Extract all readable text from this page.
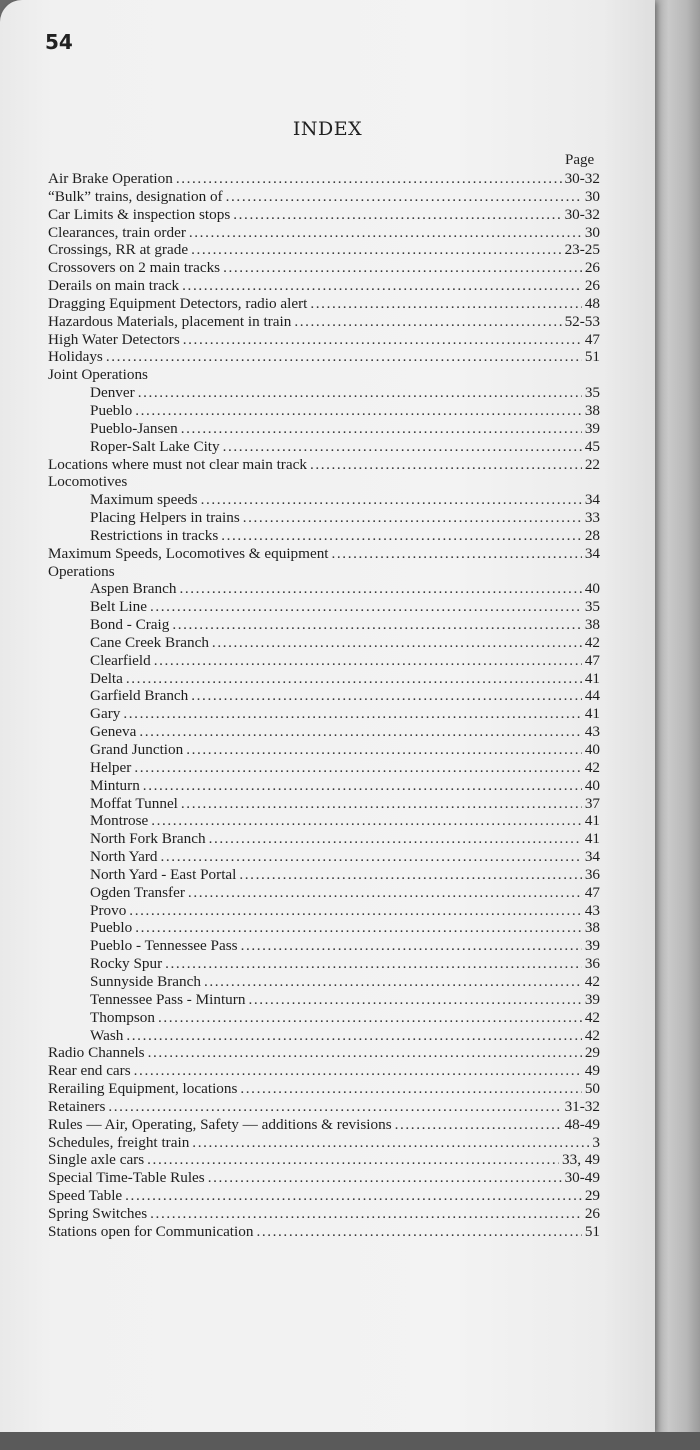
54
INDEX
Page
Air Brake Operation .....	30-32
“Bulk” trains, designation of .....	30
Car Limits & inspection stops .....	30-32
Clearances, train order .....	30
Crossings, RR at grade .....	23-25
Crossovers on 2 main tracks .....	26
Derails on main track .....	26
Dragging Equipment Detectors, radio alert .....	48
Hazardous Materials, placement in train .....	52-53
High Water Detectors .....	47
Holidays .....	51
Joint Operations
Denver .....	35
Pueblo .....	38
Pueblo-Jansen .....	39
Roper-Salt Lake City .....	45
Locations where must not clear main track .....	22
Locomotives
Maximum speeds .....	34
Placing Helpers in trains .....	33
Restrictions in tracks .....	28
Maximum Speeds, Locomotives & equipment .....	34
Operations
Aspen Branch .....	40
Belt Line .....	35
Bond - Craig .....	38
Cane Creek Branch .....	42
Clearfield .....	47
Delta .....	41
Garfield Branch .....	44
Gary .....	41
Geneva .....	43
Grand Junction .....	40
Helper .....	42
Minturn .....	40
Moffat Tunnel .....	37
Montrose .....	41
North Fork Branch .....	41
North Yard .....	34
North Yard - East Portal .....	36
Ogden Transfer .....	47
Provo .....	43
Pueblo .....	38
Pueblo - Tennessee Pass .....	39
Rocky Spur .....	36
Sunnyside Branch .....	42
Tennessee Pass - Minturn .....	39
Thompson .....	42
Wash .....	42
Radio Channels .....	29
Rear end cars .....	49
Rerailing Equipment, locations .....	50
Retainers .....	31-32
Rules — Air, Operating, Safety — additions & revisions .....	48-49
Schedules, freight train .....	3
Single axle cars .....	33, 49
Special Time-Table Rules .....	30-49
Speed Table .....	29
Spring Switches .....	26
Stations open for Communication .....	51
